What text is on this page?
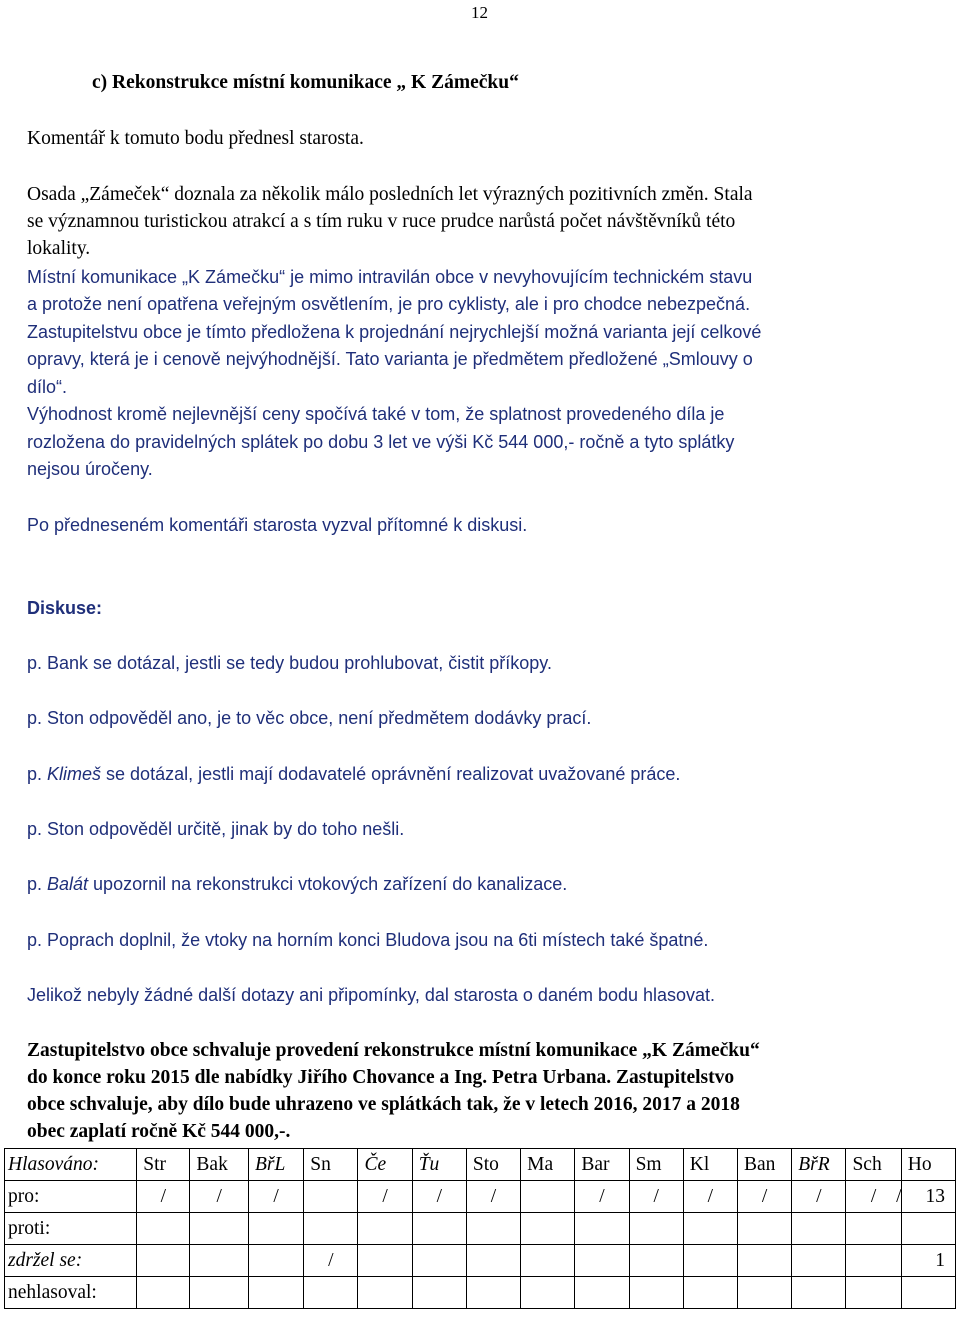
12
c) Rekonstrukce místní komunikace „ K Zámečku“
Komentář k tomuto bodu přednesl starosta.
Osada „Zámeček“ doznala za několik málo posledních let výrazných pozitivních změn. Stala
se významnou turistickou atrakcí a s tím ruku v ruce prudce narůstá počet návštěvníků této
lokality.
Místní komunikace „K Zámečku“ je mimo intravilán obce v nevyhovujícím technickém stavu
a protože není opatřena veřejným osvětlením, je pro cyklisty, ale i pro chodce nebezpečná.
Zastupitelstvu obce je tímto předložena k projednání nejrychlejší možná varianta její celkové
opravy, která je i cenově nejvýhodnější. Tato varianta je předmětem předložené „Smlouvy o
dílo“.
Výhodnost kromě nejlevnější ceny spočívá také v tom, že splatnost provedeného díla je
rozložena do pravidelných splátek po dobu 3 let ve výši Kč 544 000,- ročně a tyto splátky
nejsou úročeny.
Po předneseném komentáři starosta vyzval přítomné k diskusi.
Diskuse:
p. Bank se dotázal, jestli se tedy budou prohlubovat, čistit příkopy.
p. Ston odpověděl ano, je to věc obce, není předmětem dodávky prací.
p. Klimeš se dotázal, jestli mají dodavatelé oprávnění realizovat uvažované práce.
p. Ston odpověděl určitě, jinak by do toho nešli.
p. Balát upozornil na rekonstrukci vtokových zařízení do kanalizace.
p. Poprach doplnil, že vtoky na horním konci Bludova jsou na 6ti místech také špatné.
Jelikož nebyly žádné další dotazy ani připomínky, dal starosta o daném bodu hlasovat.
Zastupitelstvo obce schvaluje provedení rekonstrukce místní komunikace „K Zámečku“
do konce roku 2015 dle nabídky Jiřího Chovance a Ing. Petra Urbana. Zastupitelstvo
obce schvaluje, aby dílo bude uhrazeno ve splátkách tak, že v letech 2016, 2017 a 2018
obec zaplatí ročně Kč 544 000,-.
Hlasováno:	Str	Bak	BřL	Sn	Če	Ťu	Sto	Ma	Bar	Sm	Kl	Ban	BřR	Sch	Ho
pro:	/	/	/		/	/	/		/	/	/	/	/	/	/ 13
proti:															
zdržel se:				/											1
nehlasoval:															
